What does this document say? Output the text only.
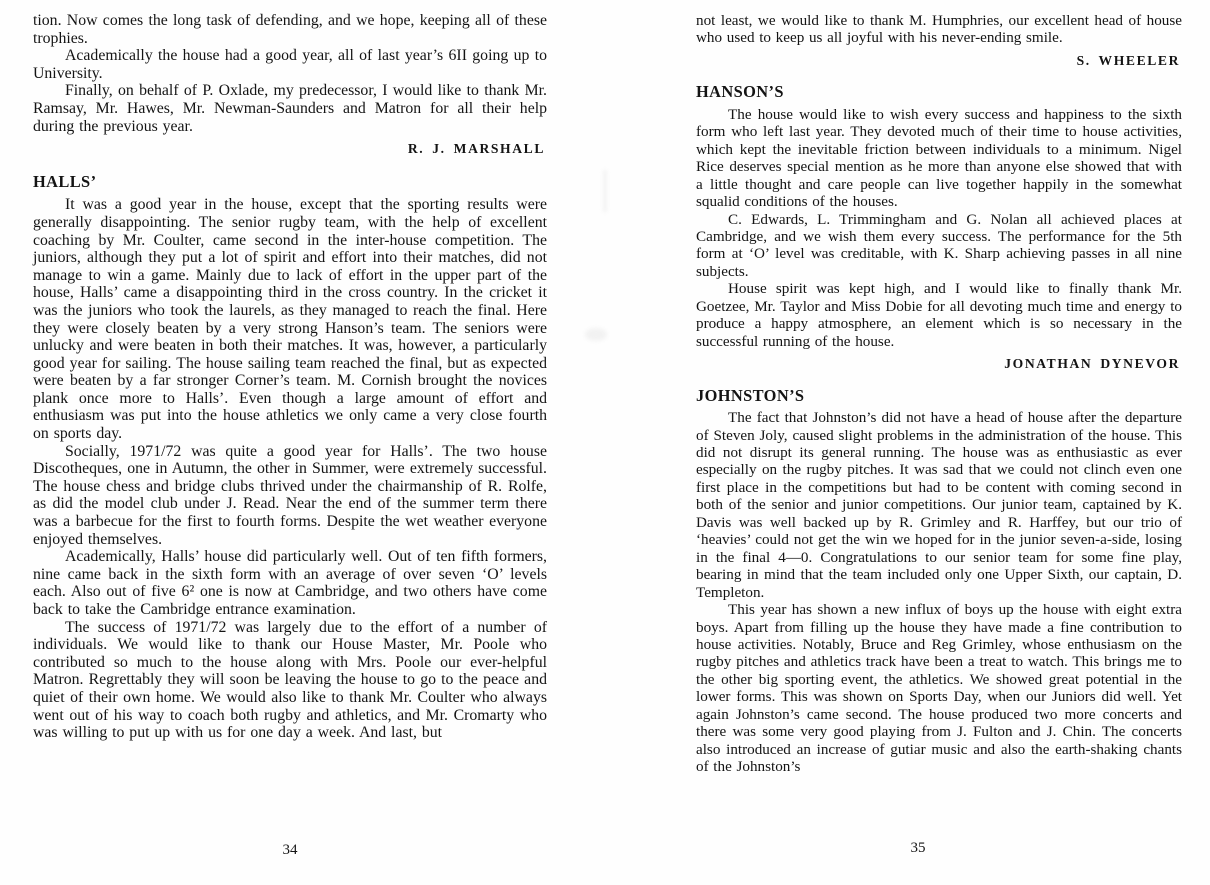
tion. Now comes the long task of defending, and we hope, keeping all of these trophies.

Academically the house had a good year, all of last year’s 6II going up to University.

Finally, on behalf of P. Oxlade, my predecessor, I would like to thank Mr. Ramsay, Mr. Hawes, Mr. Newman-Saunders and Matron for all their help during the previous year.

R. J. MARSHALL
HALLS’

It was a good year in the house, except that the sporting results were generally disappointing. The senior rugby team, with the help of excellent coaching by Mr. Coulter, came second in the inter-house competition. The juniors, although they put a lot of spirit and effort into their matches, did not manage to win a game. Mainly due to lack of effort in the upper part of the house, Halls’ came a disappointing third in the cross country. In the cricket it was the juniors who took the laurels, as they managed to reach the final. Here they were closely beaten by a very strong Hanson’s team. The seniors were unlucky and were beaten in both their matches. It was, however, a particularly good year for sailing. The house sailing team reached the final, but as expected were beaten by a far stronger Corner’s team. M. Cornish brought the novices plank once more to Halls’. Even though a large amount of effort and enthusiasm was put into the house athletics we only came a very close fourth on sports day.

Socially, 1971/72 was quite a good year for Halls’. The two house Discotheques, one in Autumn, the other in Summer, were extremely successful. The house chess and bridge clubs thrived under the chairmanship of R. Rolfe, as did the model club under J. Read. Near the end of the summer term there was a barbecue for the first to fourth forms. Despite the wet weather everyone enjoyed themselves.

Academically, Halls’ house did particularly well. Out of ten fifth formers, nine came back in the sixth form with an average of over seven ‘O’ levels each. Also out of five 6² one is now at Cambridge, and two others have come back to take the Cambridge entrance examination.

The success of 1971/72 was largely due to the effort of a number of individuals. We would like to thank our House Master, Mr. Poole who contributed so much to the house along with Mrs. Poole our ever-helpful Matron. Regrettably they will soon be leaving the house to go to the peace and quiet of their own home. We would also like to thank Mr. Coulter who always went out of his way to coach both rugby and athletics, and Mr. Cromarty who was willing to put up with us for one day a week. And last, but

34

not least, we would like to thank M. Humphries, our excellent head of house who used to keep us all joyful with his never-ending smile.

S. WHEELER
HANSON’S

The house would like to wish every success and happiness to the sixth form who left last year. They devoted much of their time to house activities, which kept the inevitable friction between individuals to a minimum. Nigel Rice deserves special mention as he more than anyone else showed that with a little thought and care people can live together happily in the somewhat squalid conditions of the houses.

C. Edwards, L. Trimmingham and G. Nolan all achieved places at Cambridge, and we wish them every success. The performance for the 5th form at ‘O’ level was creditable, with K. Sharp achieving passes in all nine subjects.

House spirit was kept high, and I would like to finally thank Mr. Goetzee, Mr. Taylor and Miss Dobie for all devoting much time and energy to produce a happy atmosphere, an element which is so necessary in the successful running of the house.

JONATHAN DYNEVOR
JOHNSTON’S

The fact that Johnston’s did not have a head of house after the departure of Steven Joly, caused slight problems in the administration of the house. This did not disrupt its general running. The house was as enthusiastic as ever especially on the rugby pitches. It was sad that we could not clinch even one first place in the competitions but had to be content with coming second in both of the senior and junior competitions. Our junior team, captained by K. Davis was well backed up by R. Grimley and R. Harffey, but our trio of ‘heavies’ could not get the win we hoped for in the junior seven-a-side, losing in the final 4—0. Congratulations to our senior team for some fine play, bearing in mind that the team included only one Upper Sixth, our captain, D. Templeton.

This year has shown a new influx of boys up the house with eight extra boys. Apart from filling up the house they have made a fine contribution to house activities. Notably, Bruce and Reg Grimley, whose enthusiasm on the rugby pitches and athletics track have been a treat to watch. This brings me to the other big sporting event, the athletics. We showed great potential in the lower forms. This was shown on Sports Day, when our Juniors did well. Yet again Johnston’s came second. The house produced two more concerts and there was some very good playing from J. Fulton and J. Chin. The concerts also introduced an increase of gutiar music and also the earth-shaking chants of the Johnston’s

35
